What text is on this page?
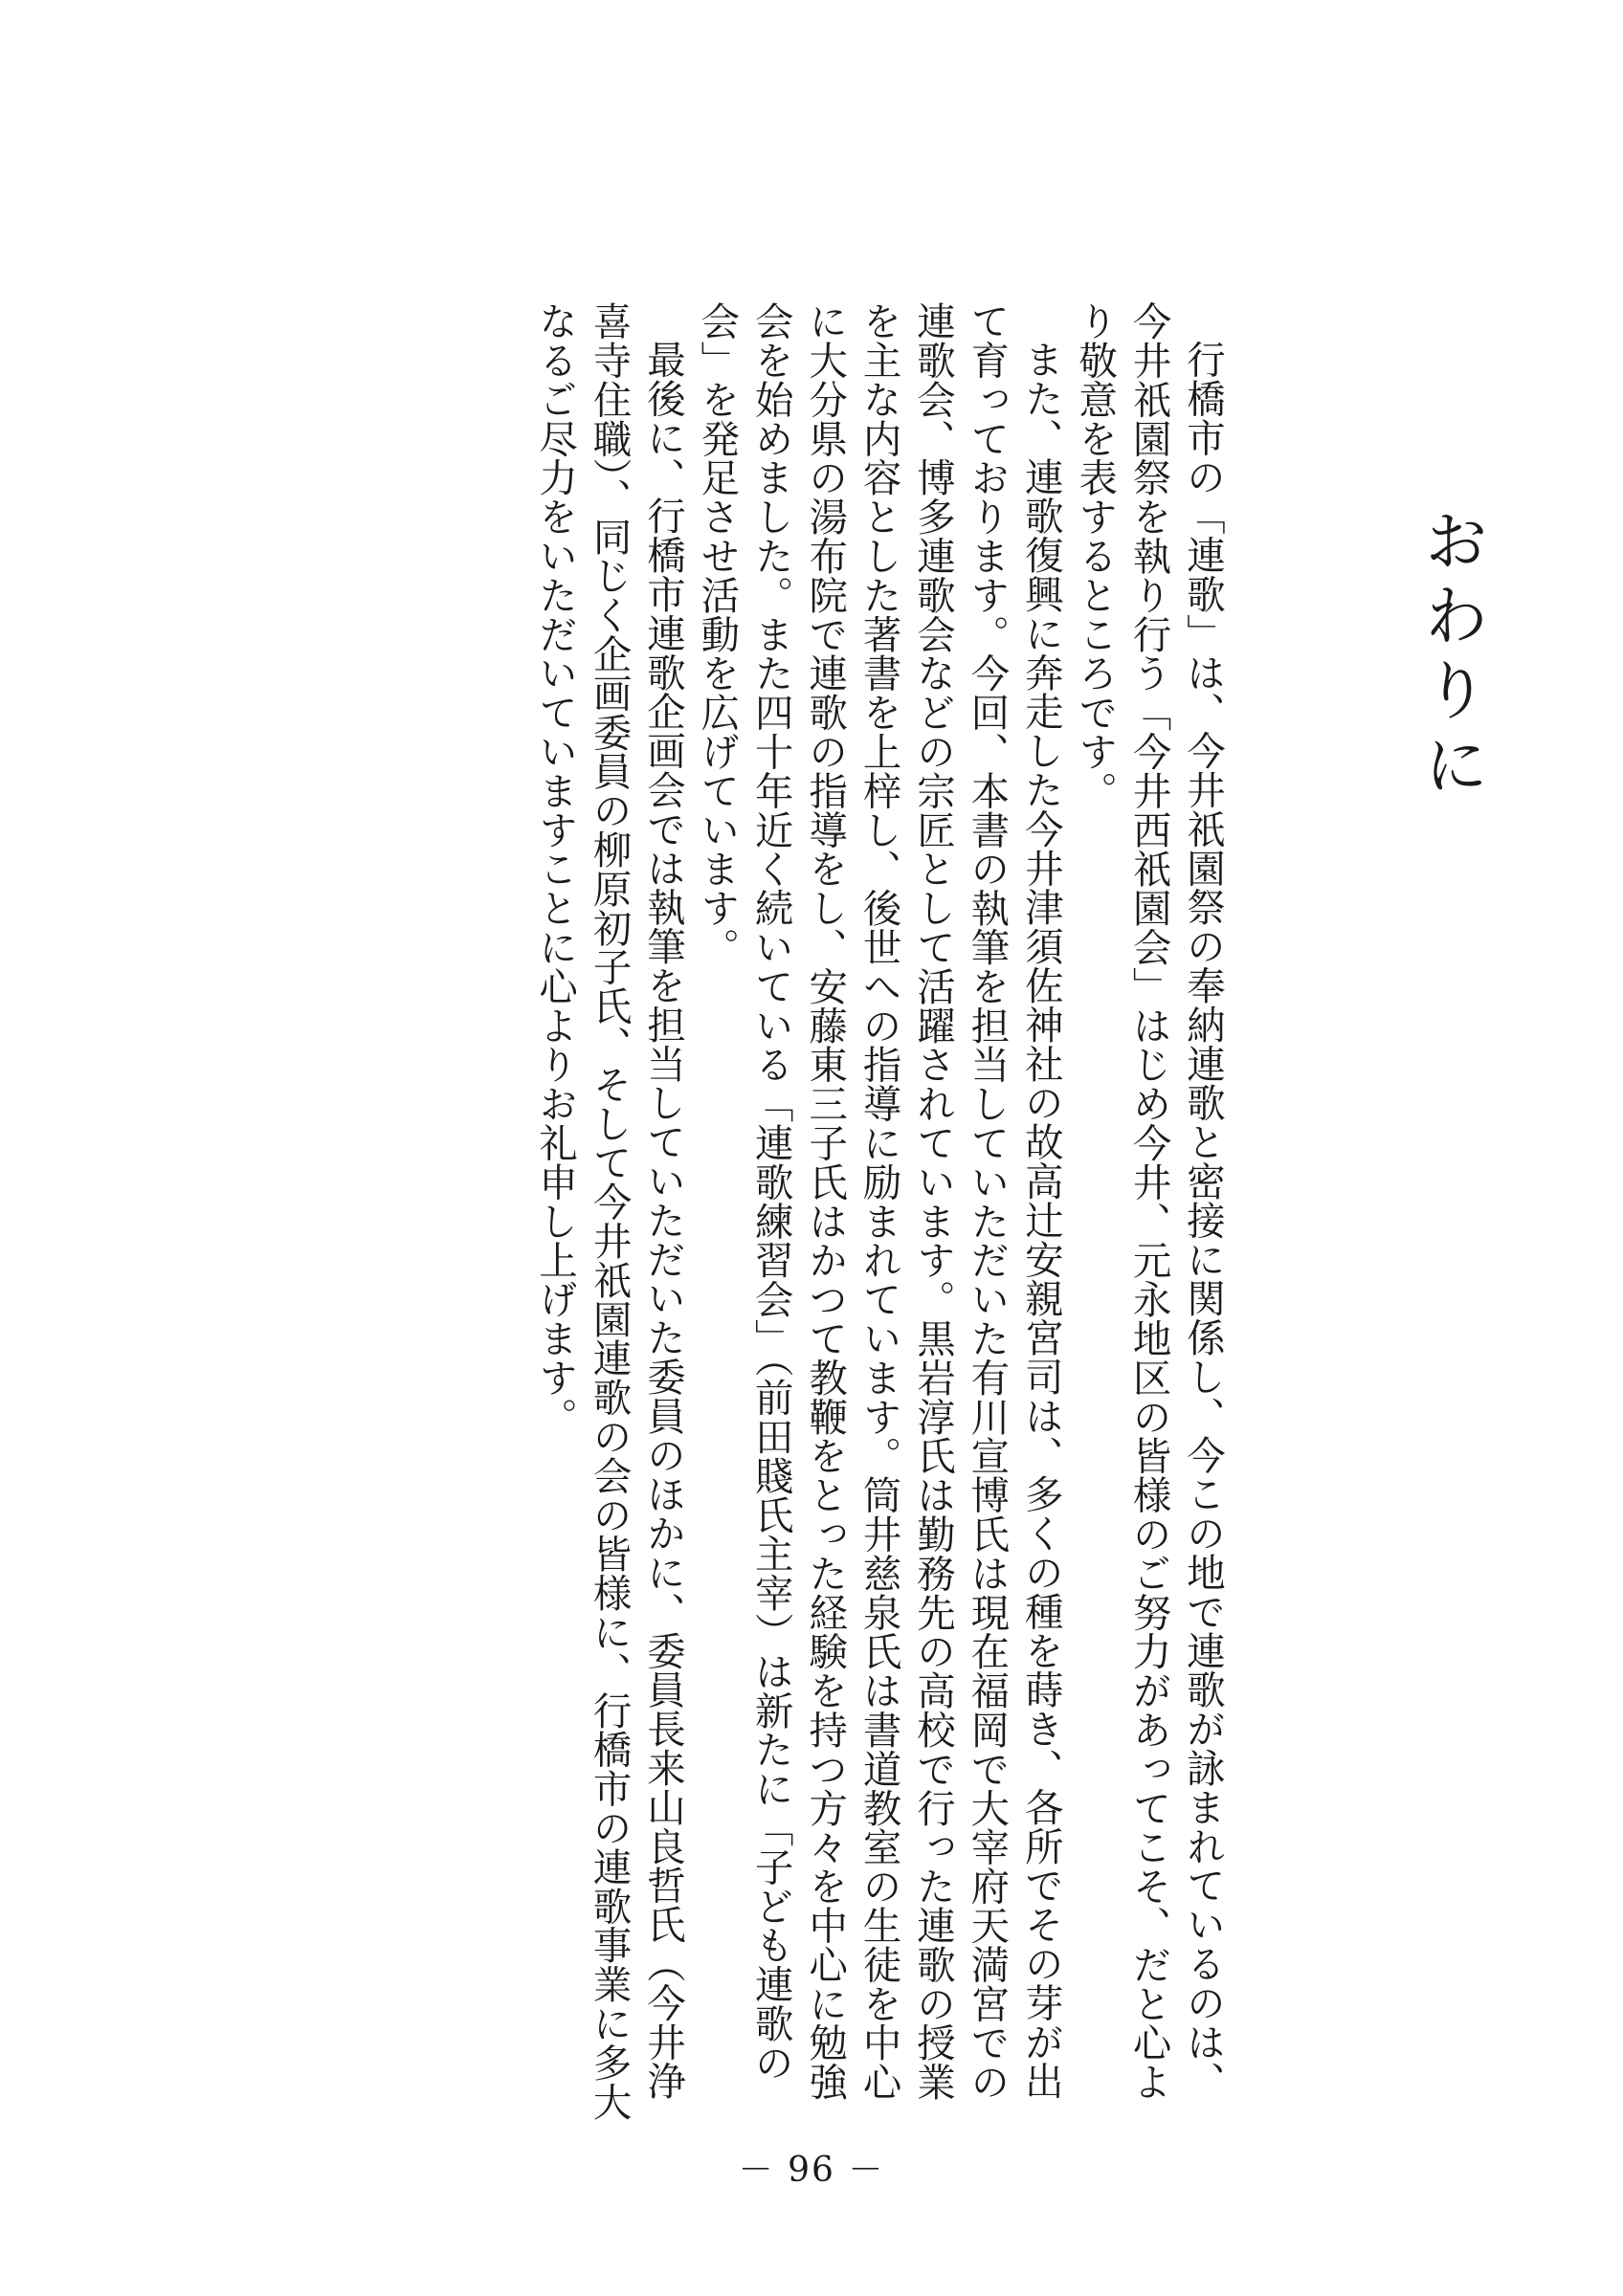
おわりに

行橋市の「連歌」は、今井祇園祭の奉納連歌と密接に関係し、今この地で連歌が詠まれているのは、今井祇園祭を執り行う「今井西祇園会」はじめ今井、元永地区の皆様のご努力があってこそ、だと心より敬意を表するところです。

また、連歌復興に奔走した今井津須佐神社の故高辻安親宮司は、多くの種を蒔き、各所でその芽が出て育っております。今回、本書の執筆を担当していただいた有川宣博氏は現在福岡で大宰府天満宮での連歌会、博多連歌会などの宗匠として活躍されています。黒岩淳氏は勤務先の高校で行った連歌の授業を主な内容とした著書を上梓し、後世への指導に励まれています。筒井慈泉氏は書道教室の生徒を中心に大分県の湯布院で連歌の指導をし、安藤東三子氏はかつて教鞭をとった経験を持つ方々を中心に勉強会を始めました。また四十年近く続いている「連歌練習会」（前田賤氏主宰）は新たに「子ども連歌の会」を発足させ活動を広げています。

最後に、行橋市連歌企画会では執筆を担当していただいた委員のほかに、委員長来山良哲氏（今井浄喜寺住職）、同じく企画委員の柳原初子氏、そして今井祇園連歌の会の皆様に、行橋市の連歌事業に多大なるご尽力をいただいていますことに心よりお礼申し上げます。

－ 96 －
